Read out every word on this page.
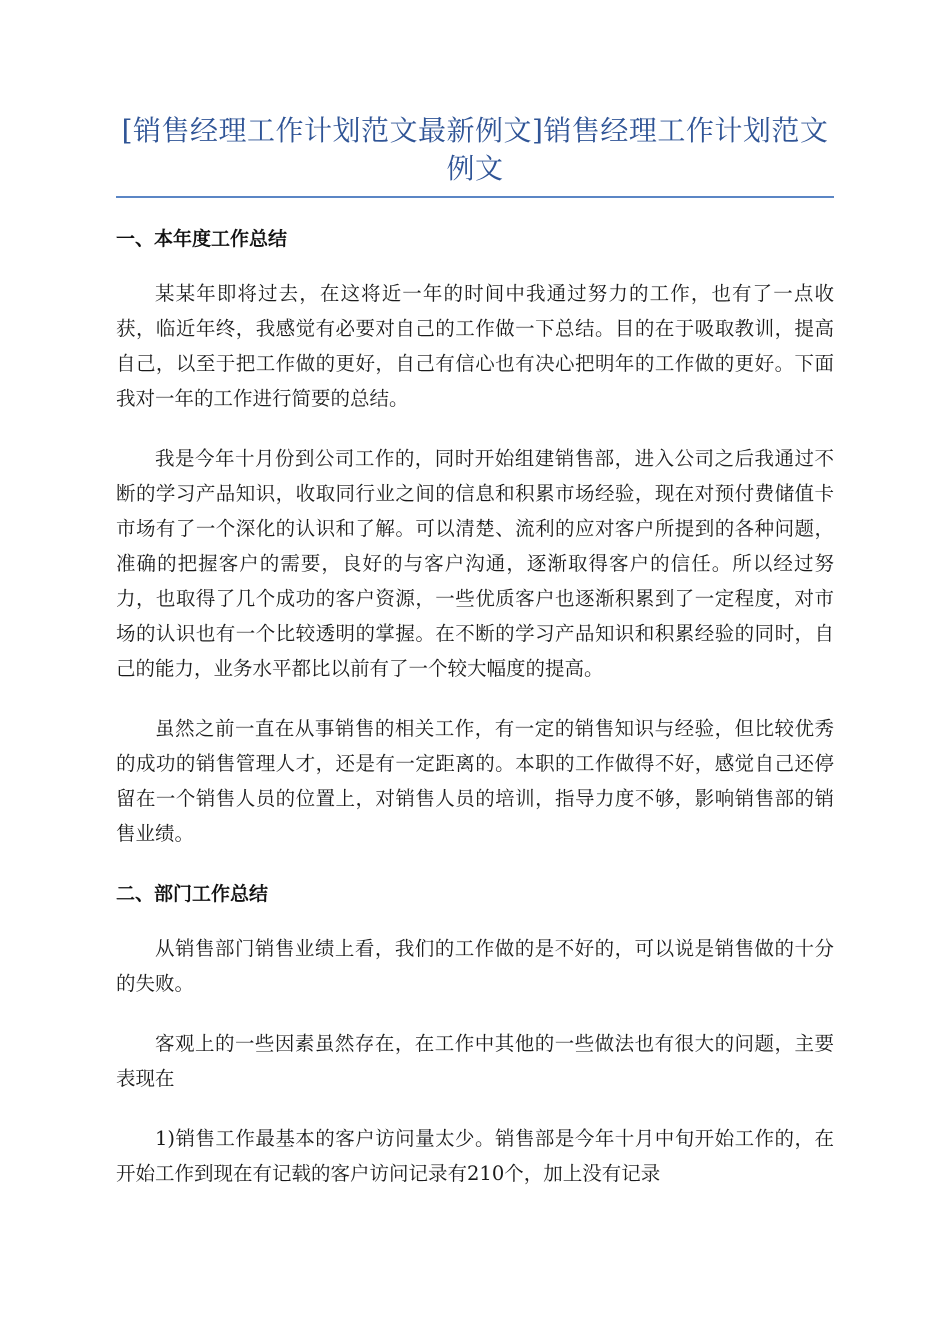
[销售经理工作计划范文最新例文]销售经理工作计划范文例文
一、本年度工作总结

某某年即将过去，在这将近一年的时间中我通过努力的工作，也有了一点收获，临近年终，我感觉有必要对自己的工作做一下总结。目的在于吸取教训，提高自己，以至于把工作做的更好，自己有信心也有决心把明年的工作做的更好。下面我对一年的工作进行简要的总结。

我是今年十月份到公司工作的，同时开始组建销售部，进入公司之后我通过不断的学习产品知识，收取同行业之间的信息和积累市场经验，现在对预付费储值卡市场有了一个深化的认识和了解。可以清楚、流利的应对客户所提到的各种问题，准确的把握客户的需要，良好的与客户沟通，逐渐取得客户的信任。所以经过努力，也取得了几个成功的客户资源，一些优质客户也逐渐积累到了一定程度，对市场的认识也有一个比较透明的掌握。在不断的学习产品知识和积累经验的同时，自己的能力，业务水平都比以前有了一个较大幅度的提高。

虽然之前一直在从事销售的相关工作，有一定的销售知识与经验，但比较优秀的成功的销售管理人才，还是有一定距离的。本职的工作做得不好，感觉自己还停留在一个销售人员的位置上，对销售人员的培训，指导力度不够，影响销售部的销售业绩。

二、部门工作总结

从销售部门销售业绩上看，我们的工作做的是不好的，可以说是销售做的十分的失败。

客观上的一些因素虽然存在，在工作中其他的一些做法也有很大的问题，主要表现在

1)销售工作最基本的客户访问量太少。销售部是今年十月中旬开始工作的，在开始工作到现在有记载的客户访问记录有210个，加上没有记录
